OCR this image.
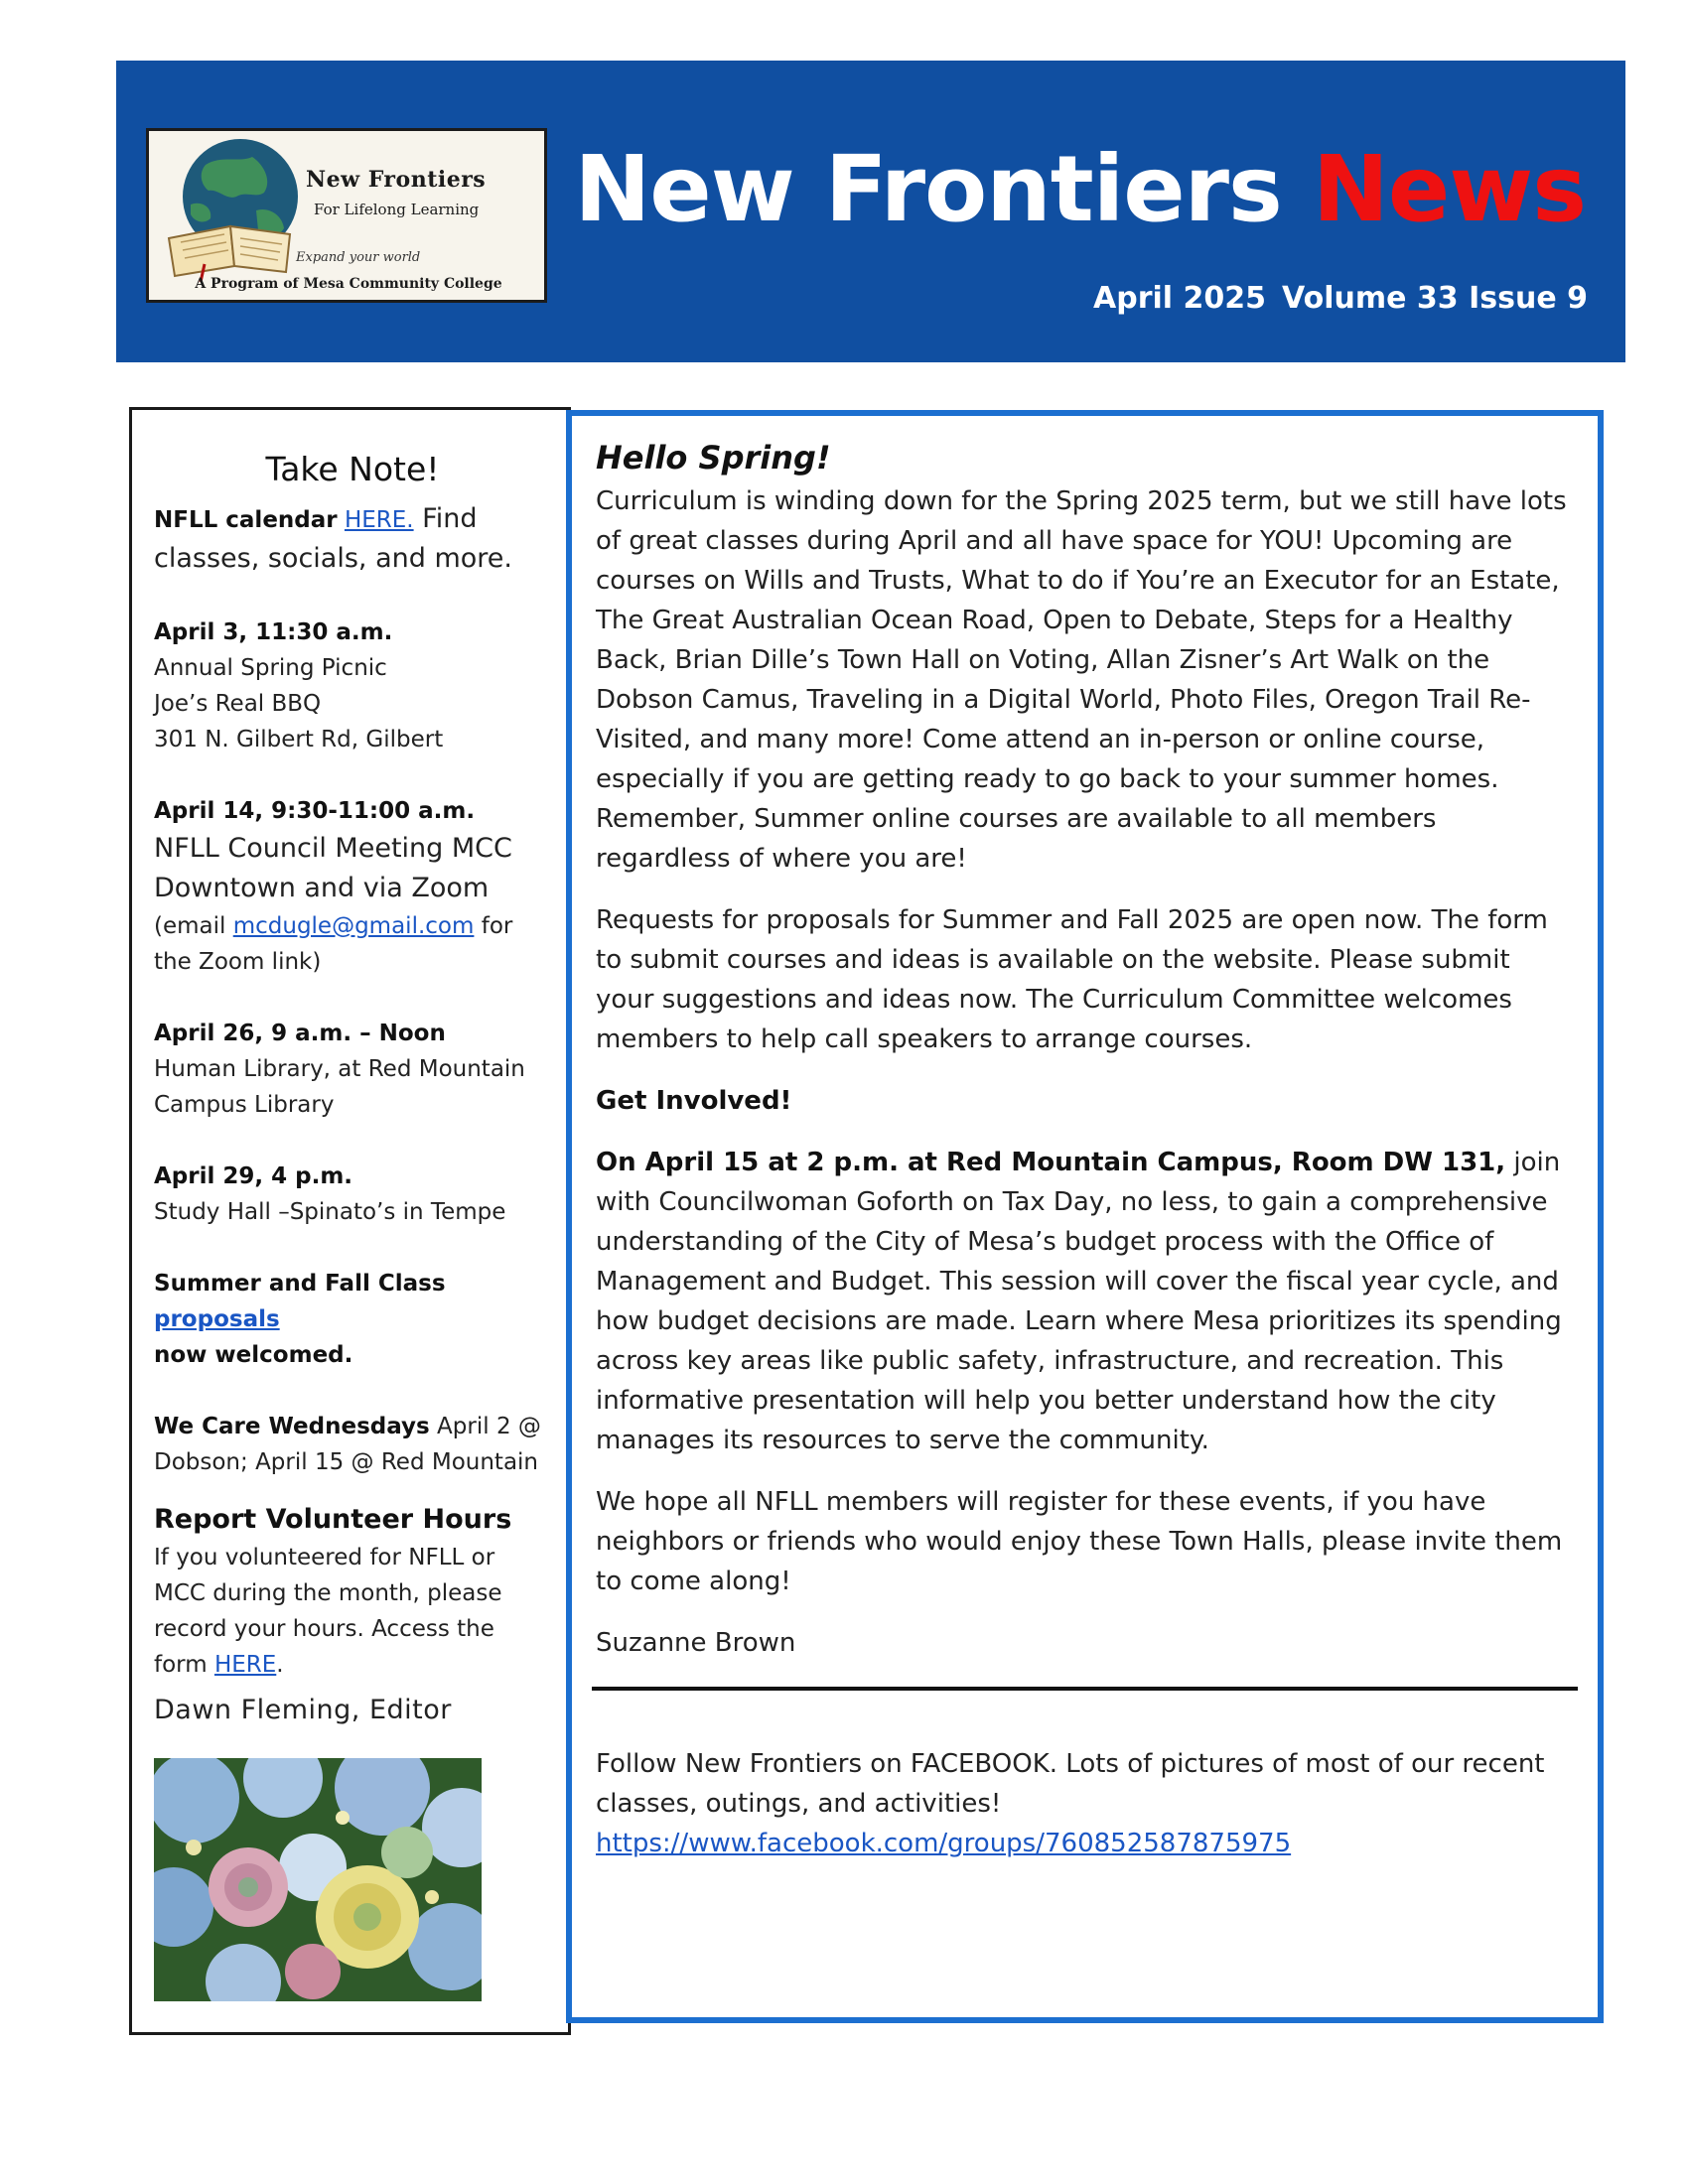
New Frontiers
For Lifelong Learning
Expand your world
A Program of Mesa Community College
New Frontiers News
April 2025 Volume 33 Issue 9
Take Note!
NFLL calendar HERE. Find classes, socials, and more.
April 3, 11:30 a.m.
Annual Spring Picnic
Joe’s Real BBQ
301 N. Gilbert Rd, Gilbert
April 14, 9:30-11:00 a.m.
NFLL Council Meeting MCC Downtown and via Zoom (email mcdugle@gmail.com for the Zoom link)
April 26, 9 a.m. – Noon
Human Library, at Red Mountain Campus Library
April 29, 4 p.m.
Study Hall –Spinato’s in Tempe
Summer and Fall Class proposals
now welcomed.
We Care Wednesdays April 2 @ Dobson; April 15 @ Red Mountain
Report Volunteer Hours
If you volunteered for NFLL or MCC during the month, please record your hours. Access the form HERE.
Dawn Fleming, Editor
Hello Spring!

Curriculum is winding down for the Spring 2025 term, but we still have lots of great classes during April and all have space for YOU! Upcoming are courses on Wills and Trusts, What to do if You’re an Executor for an Estate, The Great Australian Ocean Road, Open to Debate, Steps for a Healthy Back, Brian Dille’s Town Hall on Voting, Allan Zisner’s Art Walk on the Dobson Camus, Traveling in a Digital World, Photo Files, Oregon Trail Re-Visited, and many more! Come attend an in-person or online course, especially if you are getting ready to go back to your summer homes. Remember, Summer online courses are available to all members regardless of where you are!

Requests for proposals for Summer and Fall 2025 are open now. The form to submit courses and ideas is available on the website. Please submit your suggestions and ideas now. The Curriculum Committee welcomes members to help call speakers to arrange courses.

Get Involved!

On April 15 at 2 p.m. at Red Mountain Campus, Room DW 131, join with Councilwoman Goforth on Tax Day, no less, to gain a comprehensive understanding of the City of Mesa’s budget process with the Office of Management and Budget. This session will cover the fiscal year cycle, and how budget decisions are made. Learn where Mesa prioritizes its spending across key areas like public safety, infrastructure, and recreation. This informative presentation will help you better understand how the city manages its resources to serve the community.

We hope all NFLL members will register for these events, if you have neighbors or friends who would enjoy these Town Halls, please invite them to come along!

Suzanne Brown

Follow New Frontiers on FACEBOOK. Lots of pictures of most of our recent classes, outings, and activities!
https://www.facebook.com/groups/760852587875975
